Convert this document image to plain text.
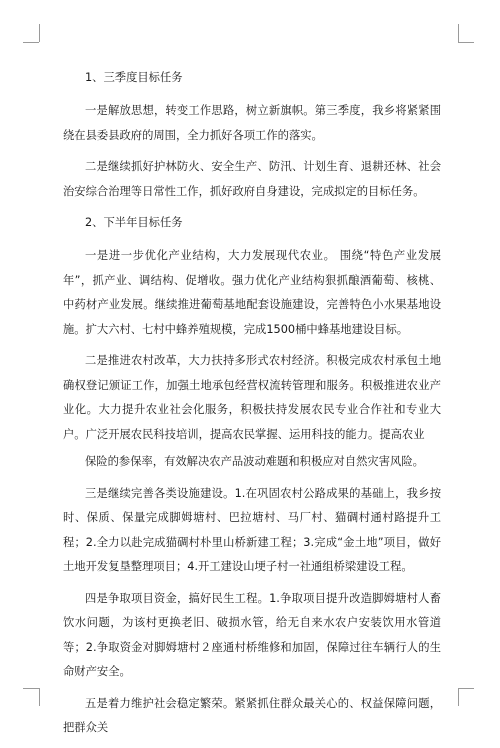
1、三季度目标任务

一是解放思想，转变工作思路，树立新旗帜。第三季度，我乡将紧紧围绕在县委县政府的周围，全力抓好各项工作的落实。

二是继续抓好护林防火、安全生产、防汛、计划生育、退耕还林、社会治安综合治理等日常性工作，抓好政府自身建设，完成拟定的目标任务。

2、下半年目标任务

一是进一步优化产业结构，大力发展现代农业。 围绕“特色产业发展年”，抓产业、调结构、促增收。强力优化产业结构狠抓酿酒葡萄、核桃、中药材产业发展。继续推进葡萄基地配套设施建设，完善特色小水果基地设施。扩大六村、七村中蜂养殖规模，完成1500桶中蜂基地建设目标。

二是推进农村改革，大力扶持多形式农村经济。积极完成农村承包土地确权登记颁证工作，加强土地承包经营权流转管理和服务。积极推进农业产业化。大力提升农业社会化服务，积极扶持发展农民专业合作社和专业大户。广泛开展农民科技培训，提高农民掌握、运用科技的能力。提高农业

保险的参保率，有效解决农产品波动难题和积极应对自然灾害风险。

三是继续完善各类设施建设。1.在巩固农村公路成果的基础上，我乡按时、保质、保量完成脚姆塘村、巴拉塘村、马厂村、猫碉村通村路提升工程；2.全力以赴完成猫碉村朴里山桥新建工程；3.完成“金土地”项目，做好土地开发复垦整理项目；4.开工建设山埂子村一社通组桥梁建设工程。

四是争取项目资金，搞好民生工程。1.争取项目提升改造脚姆塘村人畜饮水问题，为该村更换老旧、破损水管，给无自来水农户安装饮用水管道等；2.争取资金对脚姆塘村２座通村桥维修和加固，保障过往车辆行人的生命财产安全。

五是着力维护社会稳定繁荣。紧紧抓住群众最关心的、权益保障问题，把群众关
